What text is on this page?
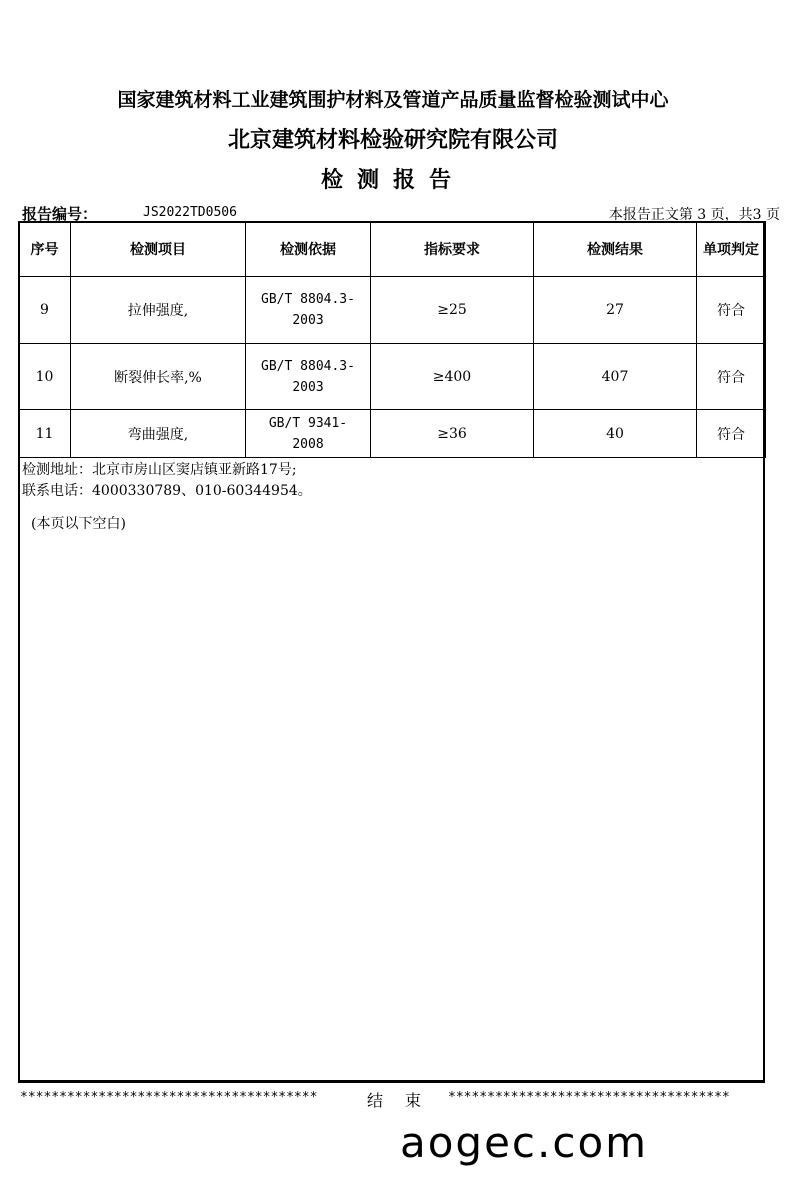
国家建筑材料工业建筑围护材料及管道产品质量监督检验测试中心
北京建筑材料检验研究院有限公司
检测报告
报告编号：	JS2022TD0506	本报告正文第 3 页，共3 页
序号	检测项目	检测依据	指标要求	检测结果	单项判定
9	拉伸强度,	GB/T 8804.3-2003	≥25	27	符合
10	断裂伸长率,%	GB/T 8804.3-2003	≥400	407	符合
11	弯曲强度,	GB/T 9341-2008	≥36	40	符合
检测地址：北京市房山区窦店镇亚新路17号;
联系电话：4000330789、010-60344954。
(本页以下空白)
**************************************	结束 ************************************
aogec.com
